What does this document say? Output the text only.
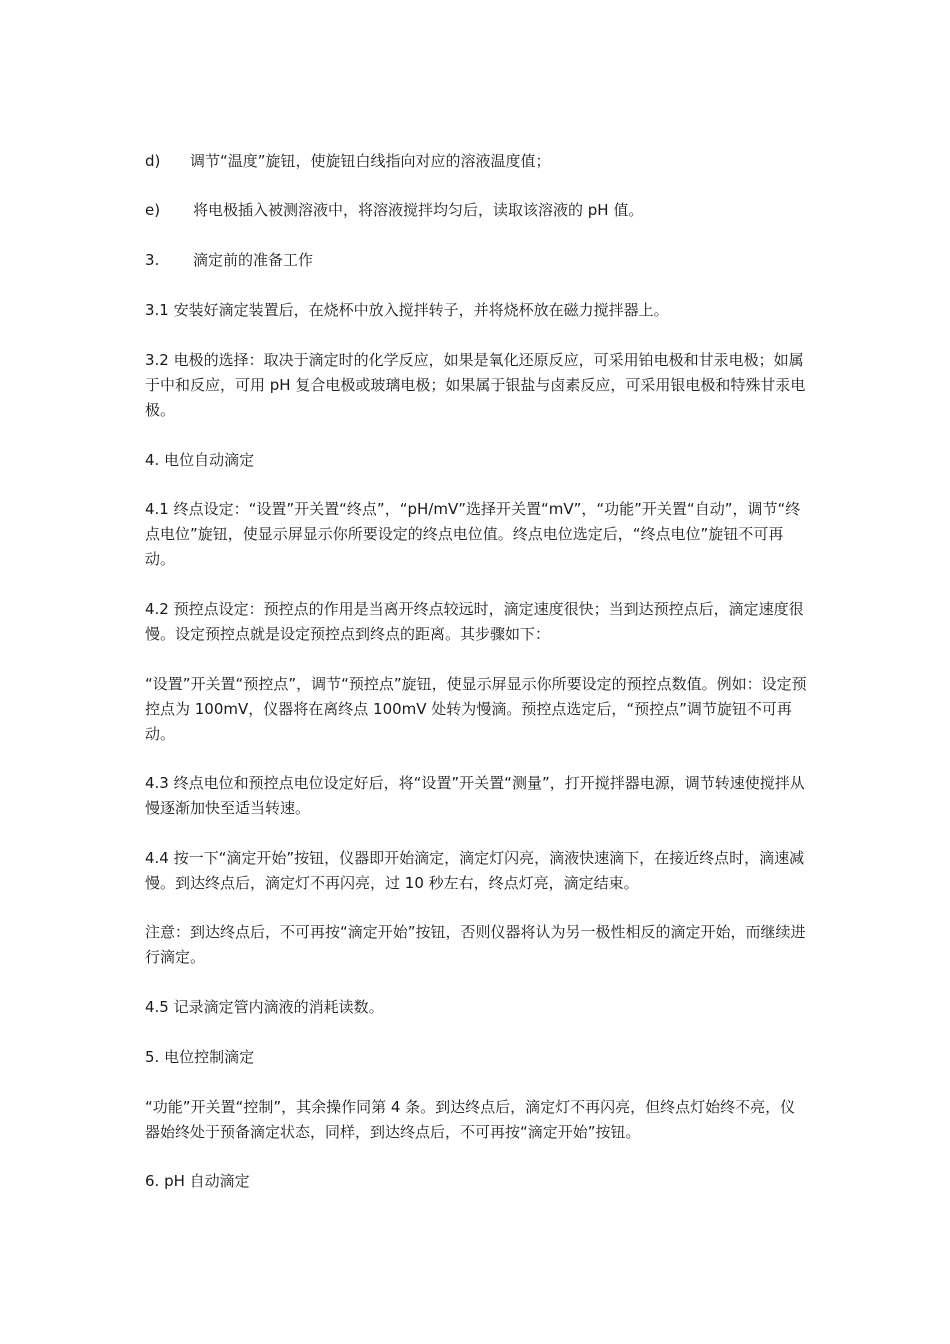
d) 调节“温度”旋钮，使旋钮白线指向对应的溶液温度值；

e) 将电极插入被测溶液中，将溶液搅拌均匀后，读取该溶液的 pH 值。

3. 滴定前的准备工作

3.1 安装好滴定装置后，在烧杯中放入搅拌转子，并将烧杯放在磁力搅拌器上。

3.2 电极的选择：取决于滴定时的化学反应，如果是氧化还原反应，可采用铂电极和甘汞电极；如属于中和反应，可用 pH 复合电极或玻璃电极；如果属于银盐与卤素反应，可采用银电极和特殊甘汞电极。

4. 电位自动滴定

4.1 终点设定：“设置”开关置“终点”，“pH/mV”选择开关置“mV”，“功能”开关置“自动”，调节“终点电位”旋钮，使显示屏显示你所要设定的终点电位值。终点电位选定后，“终点电位”旋钮不可再动。

4.2 预控点设定：预控点的作用是当离开终点较远时，滴定速度很快；当到达预控点后，滴定速度很慢。设定预控点就是设定预控点到终点的距离。其步骤如下：

“设置”开关置“预控点”，调节“预控点”旋钮，使显示屏显示你所要设定的预控点数值。例如：设定预控点为 100mV，仪器将在离终点 100mV 处转为慢滴。预控点选定后，“预控点”调节旋钮不可再动。

4.3 终点电位和预控点电位设定好后，将“设置”开关置“测量”，打开搅拌器电源，调节转速使搅拌从慢逐渐加快至适当转速。

4.4 按一下“滴定开始”按钮，仪器即开始滴定，滴定灯闪亮，滴液快速滴下，在接近终点时，滴速减慢。到达终点后，滴定灯不再闪亮，过 10 秒左右，终点灯亮，滴定结束。

注意：到达终点后，不可再按“滴定开始”按钮，否则仪器将认为另一极性相反的滴定开始，而继续进行滴定。

4.5 记录滴定管内滴液的消耗读数。

5. 电位控制滴定

“功能”开关置“控制”，其余操作同第 4 条。到达终点后，滴定灯不再闪亮，但终点灯始终不亮，仪器始终处于预备滴定状态，同样，到达终点后，不可再按“滴定开始”按钮。

6. pH 自动滴定
